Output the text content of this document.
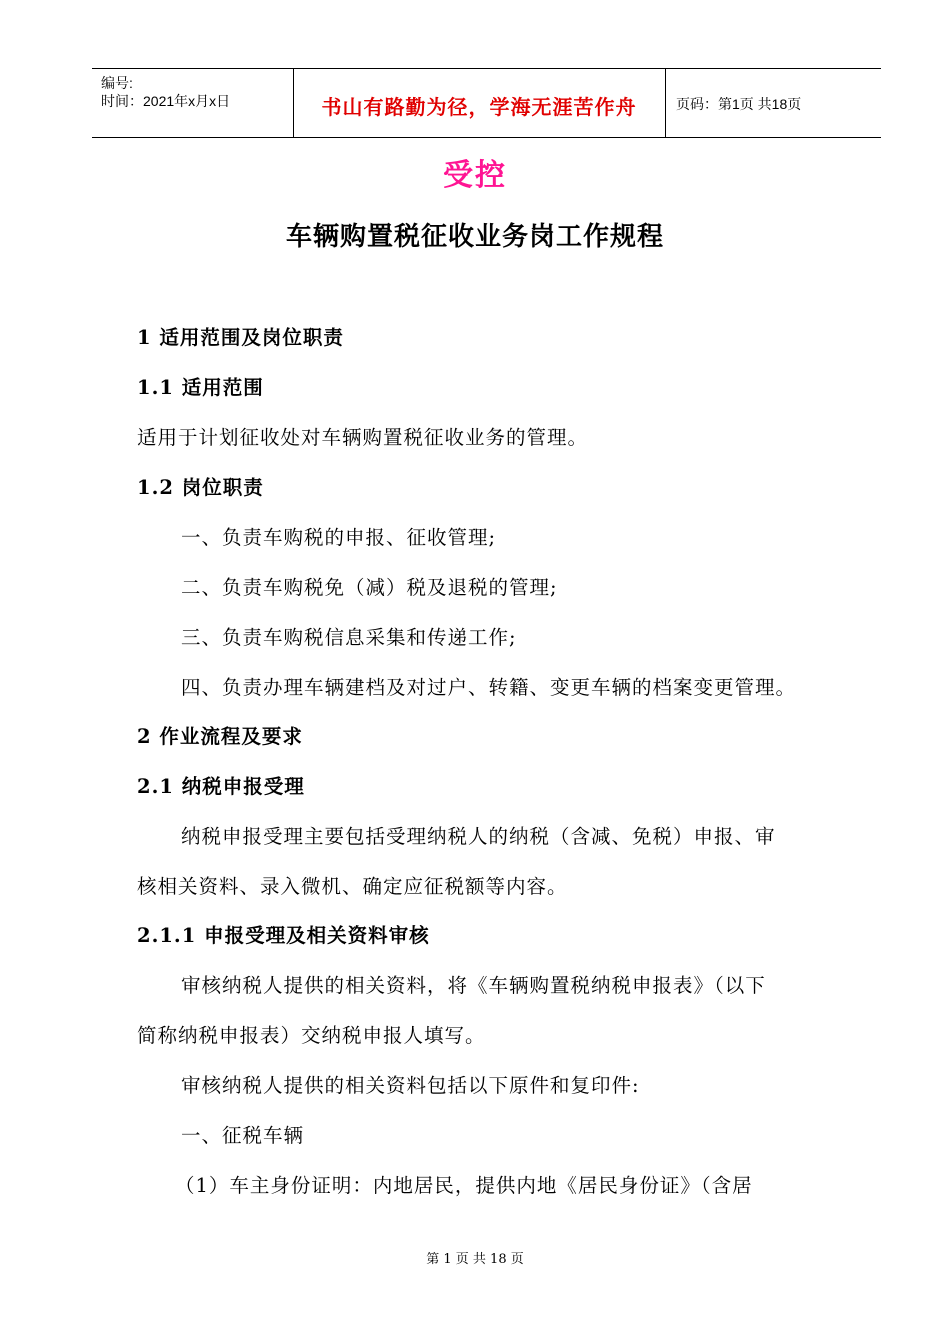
编号:
时间：2021年x月x日	书山有路勤为径，学海无涯苦作舟	页码：第1页 共18页
受控
车辆购置税征收业务岗工作规程
1 适用范围及岗位职责
1.1 适用范围
适用于计划征收处对车辆购置税征收业务的管理。
1.2 岗位职责
一、负责车购税的申报、征收管理;
二、负责车购税免（减）税及退税的管理;
三、负责车购税信息采集和传递工作;
四、负责办理车辆建档及对过户、转籍、变更车辆的档案变更管理。
2 作业流程及要求
2.1 纳税申报受理
纳税申报受理主要包括受理纳税人的纳税（含减、免税）申报、审
核相关资料、录入微机、确定应征税额等内容。
2.1.1 申报受理及相关资料审核
审核纳税人提供的相关资料，将《车辆购置税纳税申报表》（以下
简称纳税申报表）交纳税申报人填写。
审核纳税人提供的相关资料包括以下原件和复印件:
一、征税车辆
（1）车主身份证明：内地居民，提供内地《居民身份证》（含居
第 1 页 共 18 页
